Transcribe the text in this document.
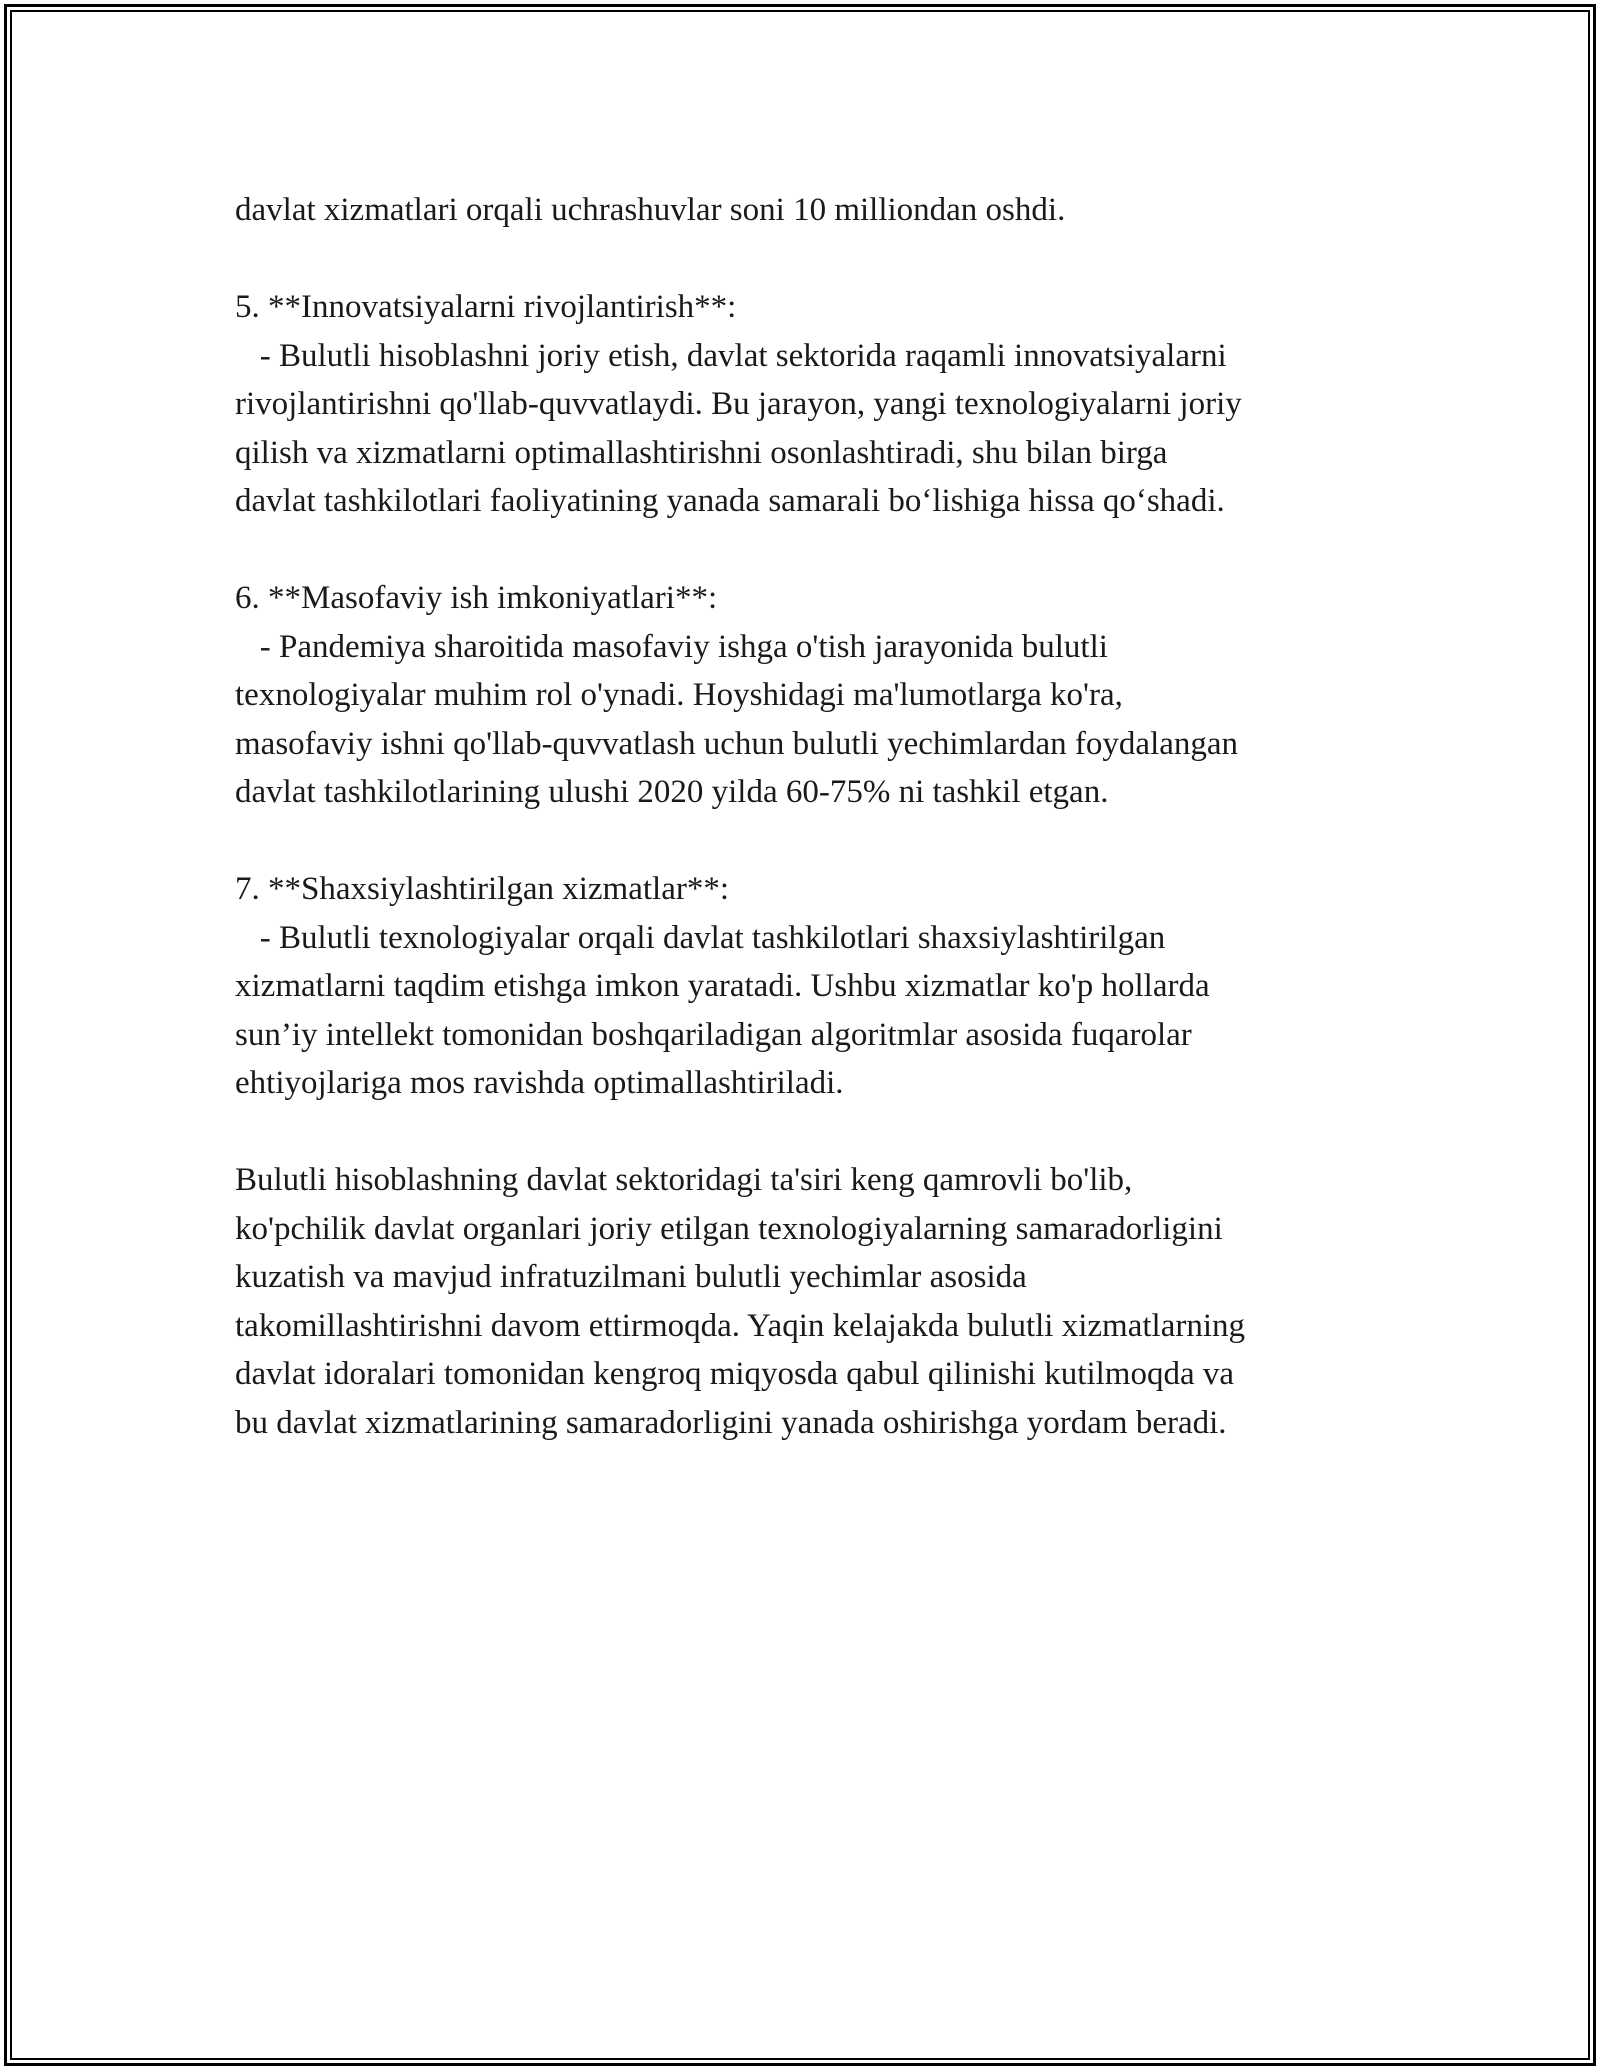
davlat xizmatlari orqali uchrashuvlar soni 10 milliondan oshdi.
5. **Innovatsiyalarni rivojlantirish**:
- Bulutli hisoblashni joriy etish, davlat sektorida raqamli innovatsiyalarni
rivojlantirishni qo'llab-quvvatlaydi. Bu jarayon, yangi texnologiyalarni joriy
qilish va xizmatlarni optimallashtirishni osonlashtiradi, shu bilan birga
davlat tashkilotlari faoliyatining yanada samarali bo‘lishiga hissa qo‘shadi.
6. **Masofaviy ish imkoniyatlari**:
- Pandemiya sharoitida masofaviy ishga o'tish jarayonida bulutli
texnologiyalar muhim rol o'ynadi. Hoyshidagi ma'lumotlarga ko'ra,
masofaviy ishni qo'llab-quvvatlash uchun bulutli yechimlardan foydalangan
davlat tashkilotlarining ulushi 2020 yilda 60-75% ni tashkil etgan.
7. **Shaxsiylashtirilgan xizmatlar**:
- Bulutli texnologiyalar orqali davlat tashkilotlari shaxsiylashtirilgan
xizmatlarni taqdim etishga imkon yaratadi. Ushbu xizmatlar ko'p hollarda
sun’iy intellekt tomonidan boshqariladigan algoritmlar asosida fuqarolar
ehtiyojlariga mos ravishda optimallashtiriladi.
Bulutli hisoblashning davlat sektoridagi ta'siri keng qamrovli bo'lib,
ko'pchilik davlat organlari joriy etilgan texnologiyalarning samaradorligini
kuzatish va mavjud infratuzilmani bulutli yechimlar asosida
takomillashtirishni davom ettirmoqda. Yaqin kelajakda bulutli xizmatlarning
davlat idoralari tomonidan kengroq miqyosda qabul qilinishi kutilmoqda va
bu davlat xizmatlarining samaradorligini yanada oshirishga yordam beradi.
